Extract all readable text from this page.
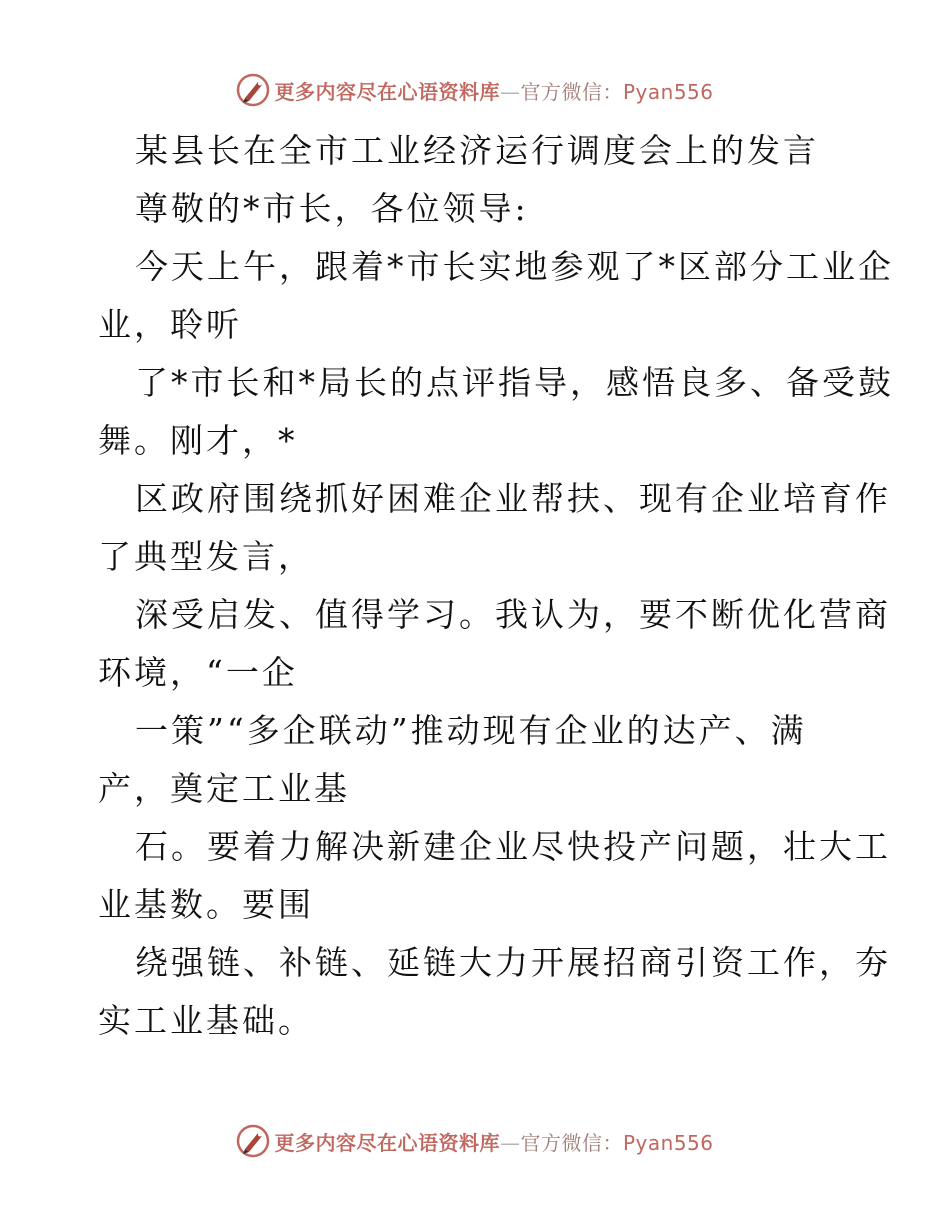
更多内容尽在心语资料库—官方微信：Pyan556
某县长在全市工业经济运行调度会上的发言
尊敬的*市长，各位领导:
今天上午，跟着*市长实地参观了*区部分工业企
业，聆听
了*市长和*局长的点评指导，感悟良多、备受鼓
舞。刚才，*
区政府围绕抓好困难企业帮扶、现有企业培育作
了典型发言，
深受启发、值得学习。我认为，要不断优化营商
环境，“一企
一策”“多企联动”推动现有企业的达产、满
产，奠定工业基
石。要着力解决新建企业尽快投产问题，壮大工
业基数。要围
绕强链、补链、延链大力开展招商引资工作，夯
实工业基础。
更多内容尽在心语资料库—官方微信：Pyan556
